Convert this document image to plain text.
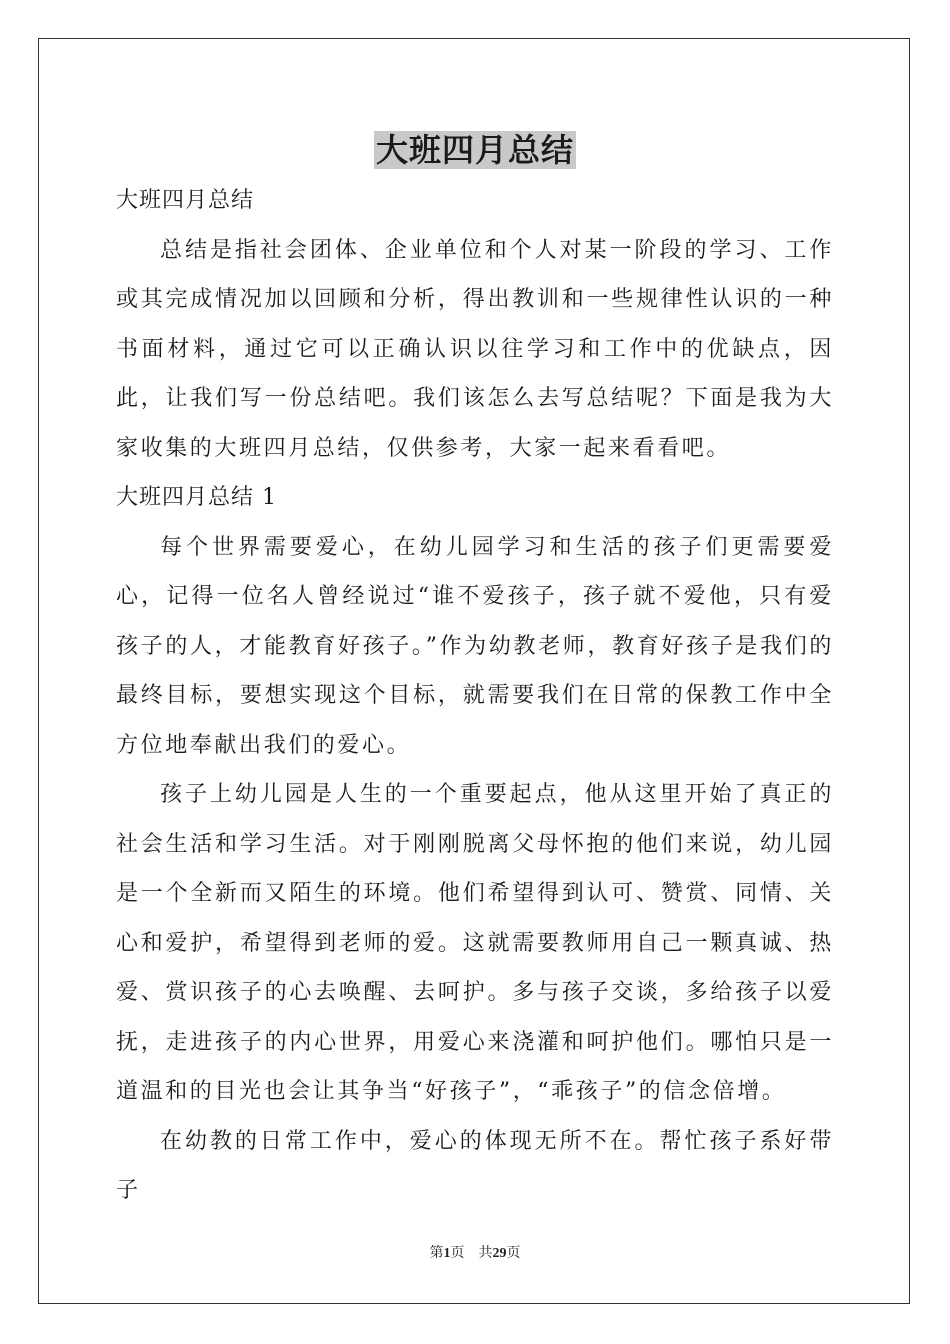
大班四月总结

大班四月总结

总结是指社会团体、企业单位和个人对某一阶段的学习、工作或其完成情况加以回顾和分析，得出教训和一些规律性认识的一种书面材料，通过它可以正确认识以往学习和工作中的优缺点，因此，让我们写一份总结吧。我们该怎么去写总结呢？下面是我为大家收集的大班四月总结，仅供参考，大家一起来看看吧。

大班四月总结 1

每个世界需要爱心，在幼儿园学习和生活的孩子们更需要爱心，记得一位名人曾经说过“谁不爱孩子，孩子就不爱他，只有爱孩子的人，才能教育好孩子。”作为幼教老师，教育好孩子是我们的最终目标，要想实现这个目标，就需要我们在日常的保教工作中全方位地奉献出我们的爱心。

孩子上幼儿园是人生的一个重要起点，他从这里开始了真正的社会生活和学习生活。对于刚刚脱离父母怀抱的他们来说，幼儿园是一个全新而又陌生的环境。他们希望得到认可、赞赏、同情、关心和爱护，希望得到老师的爱。这就需要教师用自己一颗真诚、热爱、赏识孩子的心去唤醒、去呵护。多与孩子交谈，多给孩子以爱抚，走进孩子的内心世界，用爱心来浇灌和呵护他们。哪怕只是一道温和的目光也会让其争当“好孩子”，“乖孩子”的信念倍增。

在幼教的日常工作中，爱心的体现无所不在。帮忙孩子系好带子

第1页　共29页
